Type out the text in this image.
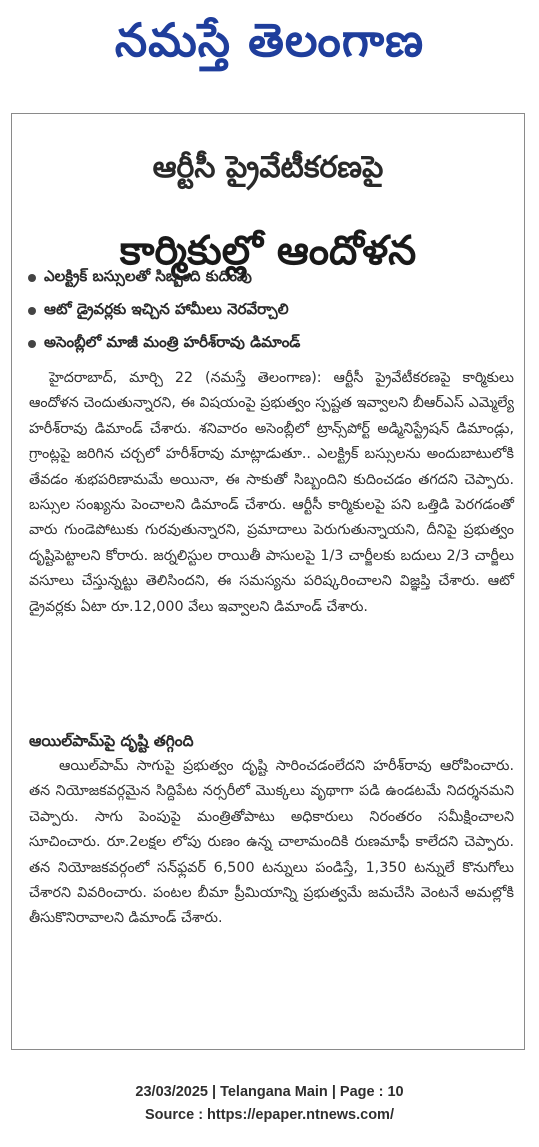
నమస్తే తెలంగాణ
ఆర్టీసీ ప్రైవేటీకరణపై
కార్మికుల్లో ఆందోళన
ఎలక్ట్రిక్ బస్సులతో సిబ్బంది కుదింపు
ఆటో డ్రైవర్లకు ఇచ్చిన హామీలు నెరవేర్చాలి
అసెంబ్లీలో మాజీ మంత్రి హరీశ్‌రావు డిమాండ్

హైదరాబాద్, మార్చి 22 (నమస్తే తెలంగాణ): ఆర్టీసీ ప్రైవేటీకరణపై కార్మికులు ఆందోళన చెందుతున్నారని, ఈ విషయంపై ప్రభుత్వం స్పష్టత ఇవ్వాలని బీఆర్‌ఎస్ ఎమ్మెల్యే హరీశ్‌రావు డిమాండ్ చేశారు. శనివారం అసెంబ్లీలో ట్రాన్స్‌పోర్ట్ అడ్మినిస్ట్రేషన్ డిమాండ్లు, గ్రాంట్లపై జరిగిన చర్చలో హరీశ్‌రావు మాట్లాడుతూ.. ఎలక్ట్రిక్ బస్సులను అందుబాటులోకి తేవడం శుభపరిణామమే అయినా, ఈ సాకుతో సిబ్బందిని కుదించడం తగదని చెప్పారు. బస్సుల సంఖ్యను పెంచాలని డిమాండ్ చేశారు. ఆర్టీసీ కార్మికులపై పని ఒత్తిడి పెరగడంతో వారు గుండెపోటుకు గురవుతున్నారని, ప్రమాదాలు పెరుగుతున్నాయని, దీనిపై ప్రభుత్వం దృష్టిపెట్టాలని కోరారు. జర్నలిస్టుల రాయితీ పాసులపై 1/3 చార్జీలకు బదులు 2/3 చార్జీలు వసూలు చేస్తున్నట్టు తెలిసిందని, ఈ సమస్యను పరిష్కరించాలని విజ్ఞప్తి చేశారు. ఆటో డ్రైవర్లకు ఏటా రూ.12,000 వేలు ఇవ్వాలని డిమాండ్ చేశారు.

ఆయిల్‌పామ్‌పై దృష్టి తగ్గింది

ఆయిల్‌పామ్ సాగుపై ప్రభుత్వం దృష్టి సారించడంలేదని హరీశ్‌రావు ఆరోపించారు. తన నియోజకవర్గమైన సిద్దిపేట నర్సరీలో మొక్కలు వృథాగా పడి ఉండటమే నిదర్శనమని చెప్పారు. సాగు పెంపుపై మంత్రితోపాటు అధికారులు నిరంతరం సమీక్షించాలని సూచించారు. రూ.2లక్షల లోపు రుణం ఉన్న చాలామందికి రుణమాఫీ కాలేదని చెప్పారు. తన నియోజకవర్గంలో సన్‌ఫ్లవర్ 6,500 టన్నులు పండిస్తే, 1,350 టన్నులే కొనుగోలు చేశారని వివరించారు. పంటల బీమా ప్రీమియాన్ని ప్రభుత్వమే జమచేసి వెంటనే అమల్లోకి తీసుకొనిరావాలని డిమాండ్ చేశారు.

23/03/2025 | Telangana Main | Page : 10
Source : https://epaper.ntnews.com/
